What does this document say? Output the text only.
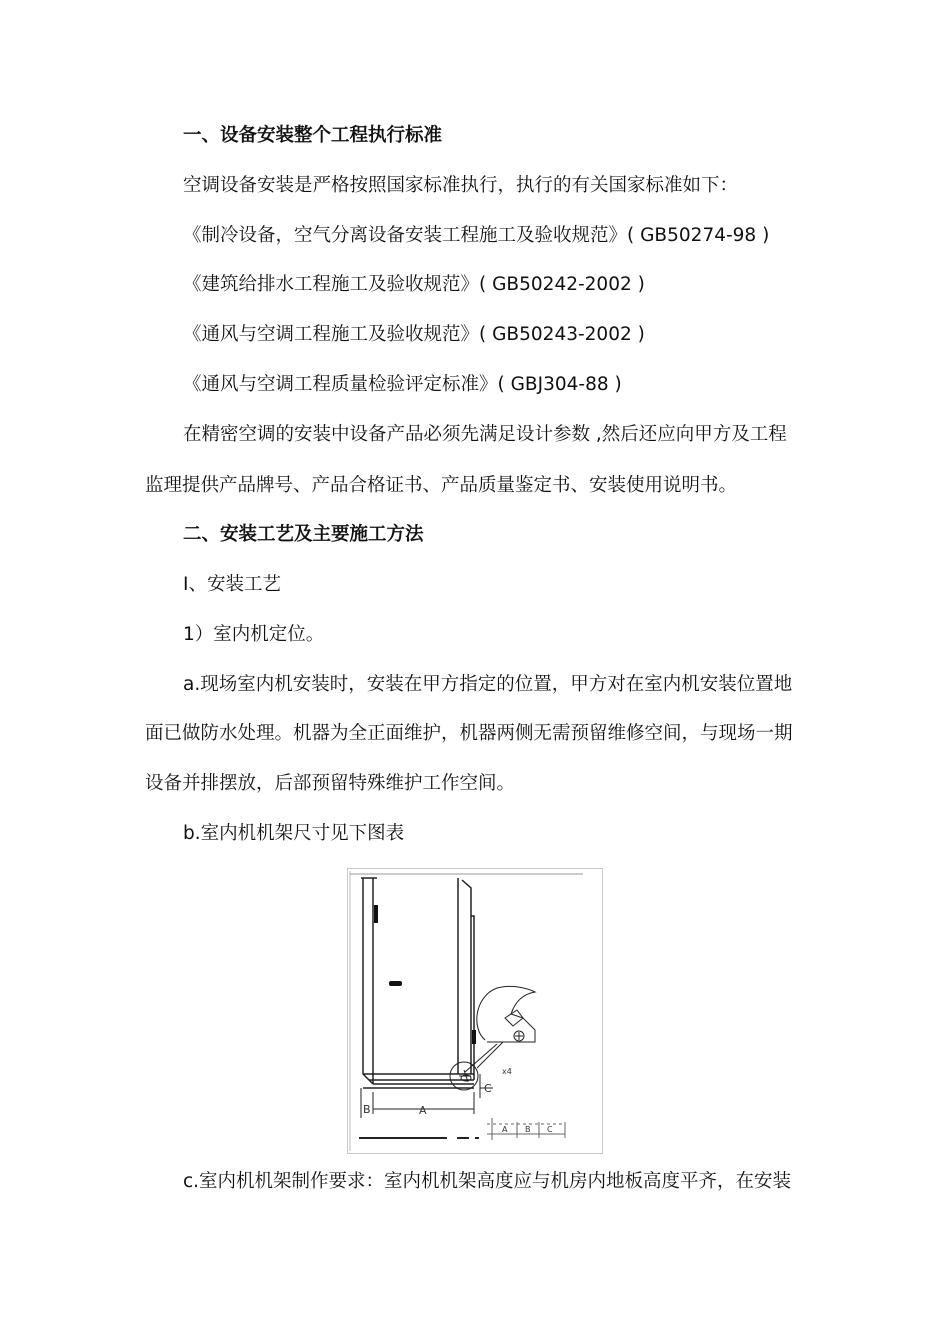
一、设备安装整个工程执行标准
空调设备安装是严格按照国家标准执行，执行的有关国家标准如下：
《制冷设备，空气分离设备安装工程施工及验收规范》( GB50274-98 )
《建筑给排水工程施工及验收规范》( GB50242-2002 )
《通风与空调工程施工及验收规范》( GB50243-2002 )
《通风与空调工程质量检验评定标准》( GBJ304-88 )
在精密空调的安装中设备产品必须先满足设计参数 ,然后还应向甲方及工程
监理提供产品牌号、产品合格证书、产品质量鉴定书、安装使用说明书。
二、安装工艺及主要施工方法
Ⅰ、安装工艺
1）室内机定位。
a.现场室内机安装时，安装在甲方指定的位置，甲方对在室内机安装位置地
面已做防水处理。机器为全正面维护，机器两侧无需预留维修空间，与现场一期
设备并排摆放，后部预留特殊维护工作空间。
b.室内机机架尺寸见下图表
x4
B	A
C
A B C
c.室内机机架制作要求：室内机机架高度应与机房内地板高度平齐，在安装
